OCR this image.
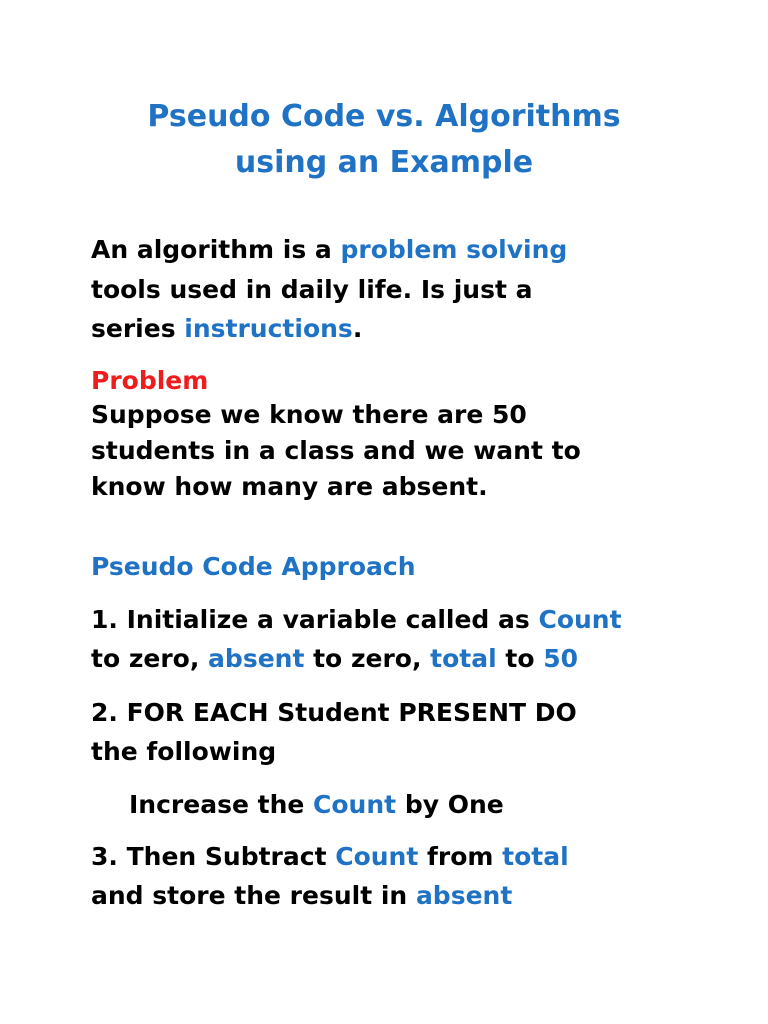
Pseudo Code vs. Algorithms
using an Example
An algorithm is a problem solving
tools used in daily life. Is just a
series instructions.
Problem
Suppose we know there are 50
students in a class and we want to
know how many are absent.
Pseudo Code Approach
1. Initialize a variable called as Count
to zero, absent to zero, total to 50
2. FOR EACH Student PRESENT DO
the following
Increase the Count by One
3. Then Subtract Count from total
and store the result in absent
